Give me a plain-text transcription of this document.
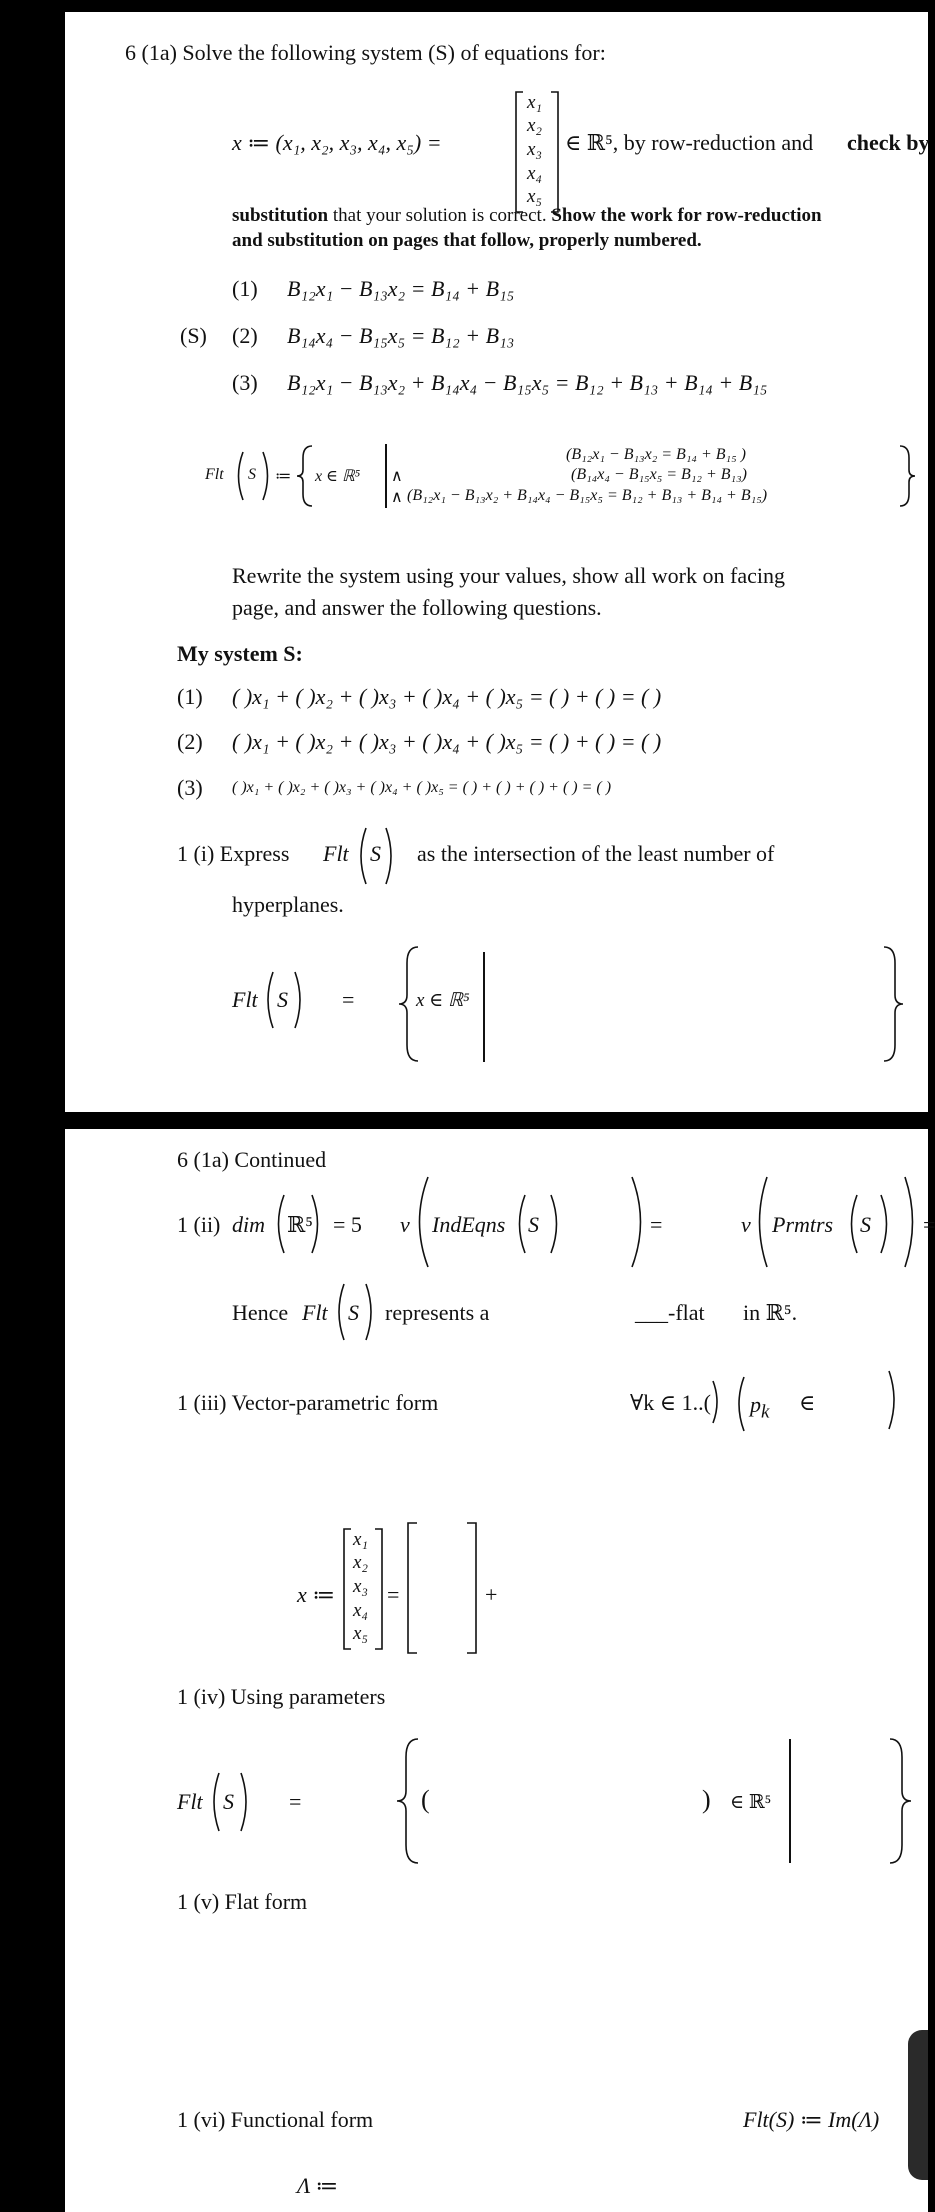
6 (1a) Solve the following system (S) of equations for:
x ≔ (x₁, x₂, x₃, x₄, x₅) =
x₁
x₂
x₃
x₄
x₅
∈ ℝ⁵, by row-reduction and check by
substitution that your solution is correct. Show the work for row-reduction
and substitution on pages that follow, properly numbered.
(1) B₁₂x₁ − B₁₃x₂ = B₁₄ + B₁₅
(S) (2) B₁₄x₄ − B₁₅x₅ = B₁₂ + B₁₃
(3) B₁₂x₁ − B₁₃x₂ + B₁₄x₄ − B₁₅x₅ = B₁₂ + B₁₃ + B₁₄ + B₁₅
Flt S ≔ x ∈ ℝ⁵ ∧
∧
(B₁₂x₁ − B₁₃x₂ = B₁₄ + B₁₅ )
(B₁₄x₄ − B₁₅x₅ = B₁₂ + B₁₃)
(B₁₂x₁ − B₁₃x₂ + B₁₄x₄ − B₁₅x₅ = B₁₂ + B₁₃ + B₁₄ + B₁₅)
Rewrite the system using your values, show all work on facing
page, and answer the following questions.
My system S:
(1) ( )x₁ + ( )x₂ + ( )x₃ + ( )x₄ + ( )x₅ = ( ) + ( ) = ( )
(2) ( )x₁ + ( )x₂ + ( )x₃ + ( )x₄ + ( )x₅ = ( ) + ( ) = ( )
(3) ( )x₁ + ( )x₂ + ( )x₃ + ( )x₄ + ( )x₅ = ( ) + ( ) + ( ) + ( ) = ( )
1 (i) Express Flt S as the intersection of the least number of
hyperplanes.
Flt S =	x ∈ ℝ⁵
6 (1a) Continued
1 (ii) dim ℝ⁵ = 5 ν IndEqns S	=	ν Prmtrs S =
Hence Flt S represents a	___-flat in ℝ⁵.
1 (iii) Vector-parametric form	∀k ∈ 1..( $p_k$ ∈
x ≔
x₁
x₂
x₃
x₄
x₅
=	+
1 (iv) Using parameters
Flt S	=	(	) ∈ ℝ⁵
1 (v) Flat form
1 (vi) Functional form	Flt(S) ≔ Im(Λ)
Λ ≔
